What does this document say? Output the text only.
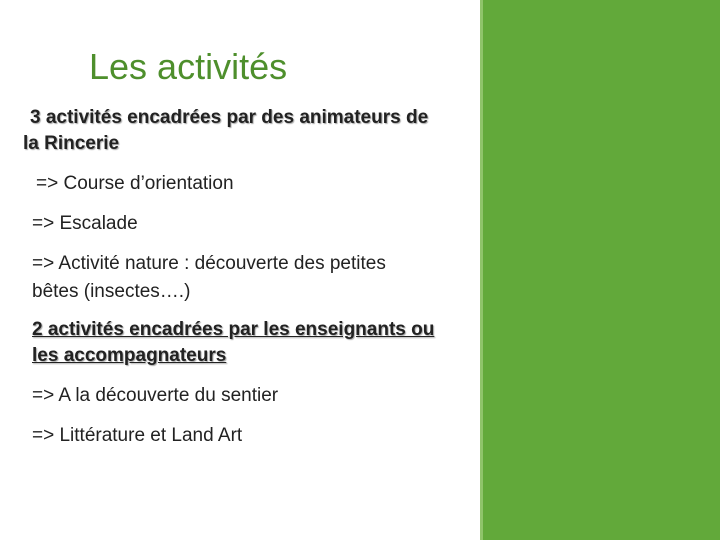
Les activités
3 activités encadrées par des animateurs de
la Rincerie
=> Course d’orientation
=> Escalade
=> Activité nature : découverte des petites
bêtes (insectes….)
2 activités encadrées par les enseignants ou
les accompagnateurs
=> A la découverte du sentier
=> Littérature et Land Art
